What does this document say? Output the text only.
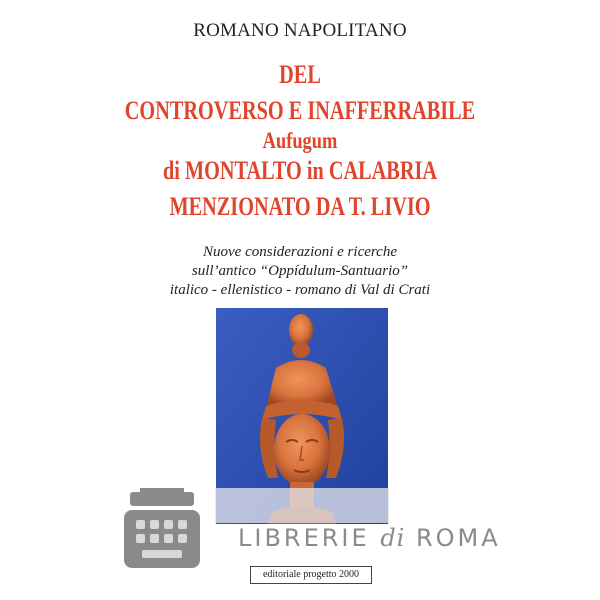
ROMANO NAPOLITANO
DEL
CONTROVERSO E INAFFERRABILE
Aufugum
di MONTALTO in CALABRIA
MENZIONATO DA T. LIVIO
Nuove considerazioni e ricerche
sull’antico “Oppídulum-Santuario”
italico - ellenistico - romano di Val di Crati
LIBRERIE di ROMA
editoriale progetto 2000
